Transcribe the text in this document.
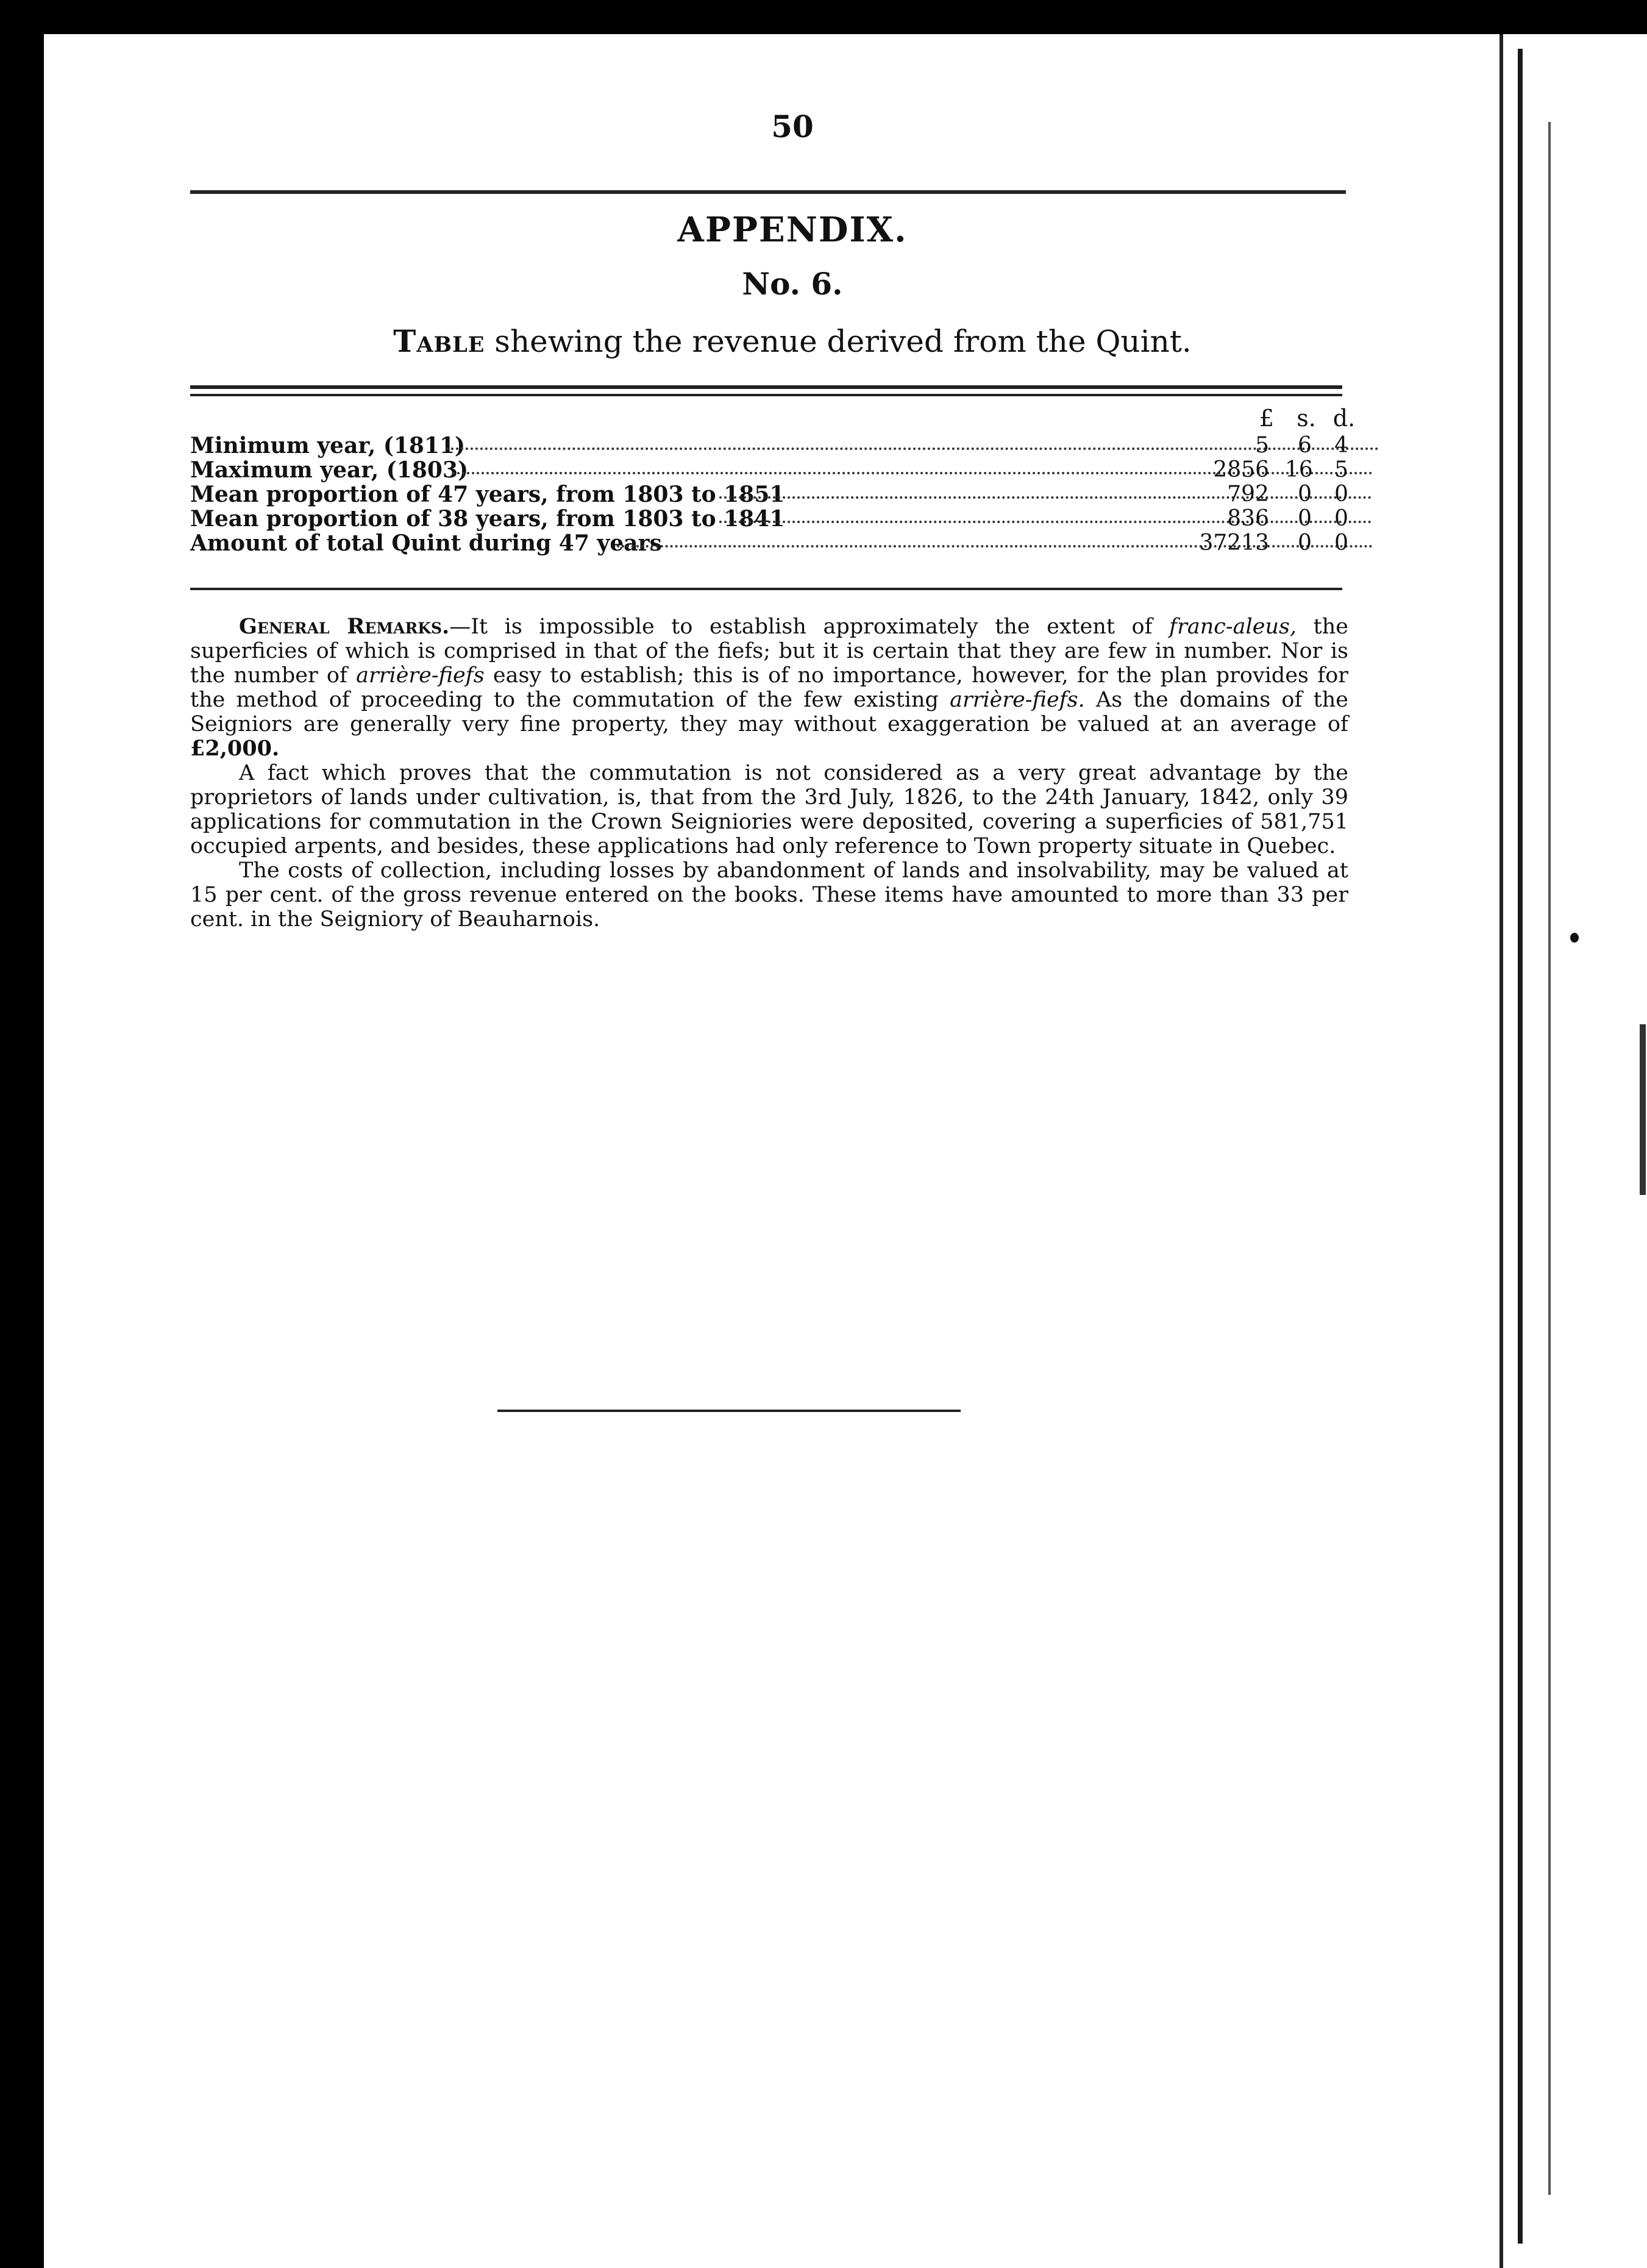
50
APPENDIX.
No. 6.
Table shewing the revenue derived from the Quint.
£ s. d.
Minimum year, (1811)	5	6	4
Maximum year, (1803)	2856 16 5
Mean proportion of 47 years, from 1803 to 1851	792	0	0
Mean proportion of 38 years, from 1803 to 1841	836	0	0
Amount of total Quint during 47 years	37213	0	0

General Remarks.—It is impossible to establish approximately the extent of franc-aleus, the superficies of which is comprised in that of the fiefs; but it is certain that they are few in number. Nor is the number of arrière-fiefs easy to establish; this is of no importance, however, for the plan provides for the method of proceeding to the commutation of the few existing arrière-fiefs. As the domains of the Seigniors are generally very fine property, they may without exaggeration be valued at an average of £2,000.

A fact which proves that the commutation is not considered as a very great advantage by the proprietors of lands under cultivation, is, that from the 3rd July, 1826, to the 24th January, 1842, only 39 applications for commutation in the Crown Seigniories were deposited, covering a superficies of 581,751 occupied arpents, and besides, these applications had only reference to Town property situate in Quebec.

The costs of collection, including losses by abandonment of lands and insolvability, may be valued at 15 per cent. of the gross revenue entered on the books. These items have amounted to more than 33 per cent. in the Seigniory of Beauharnois.
